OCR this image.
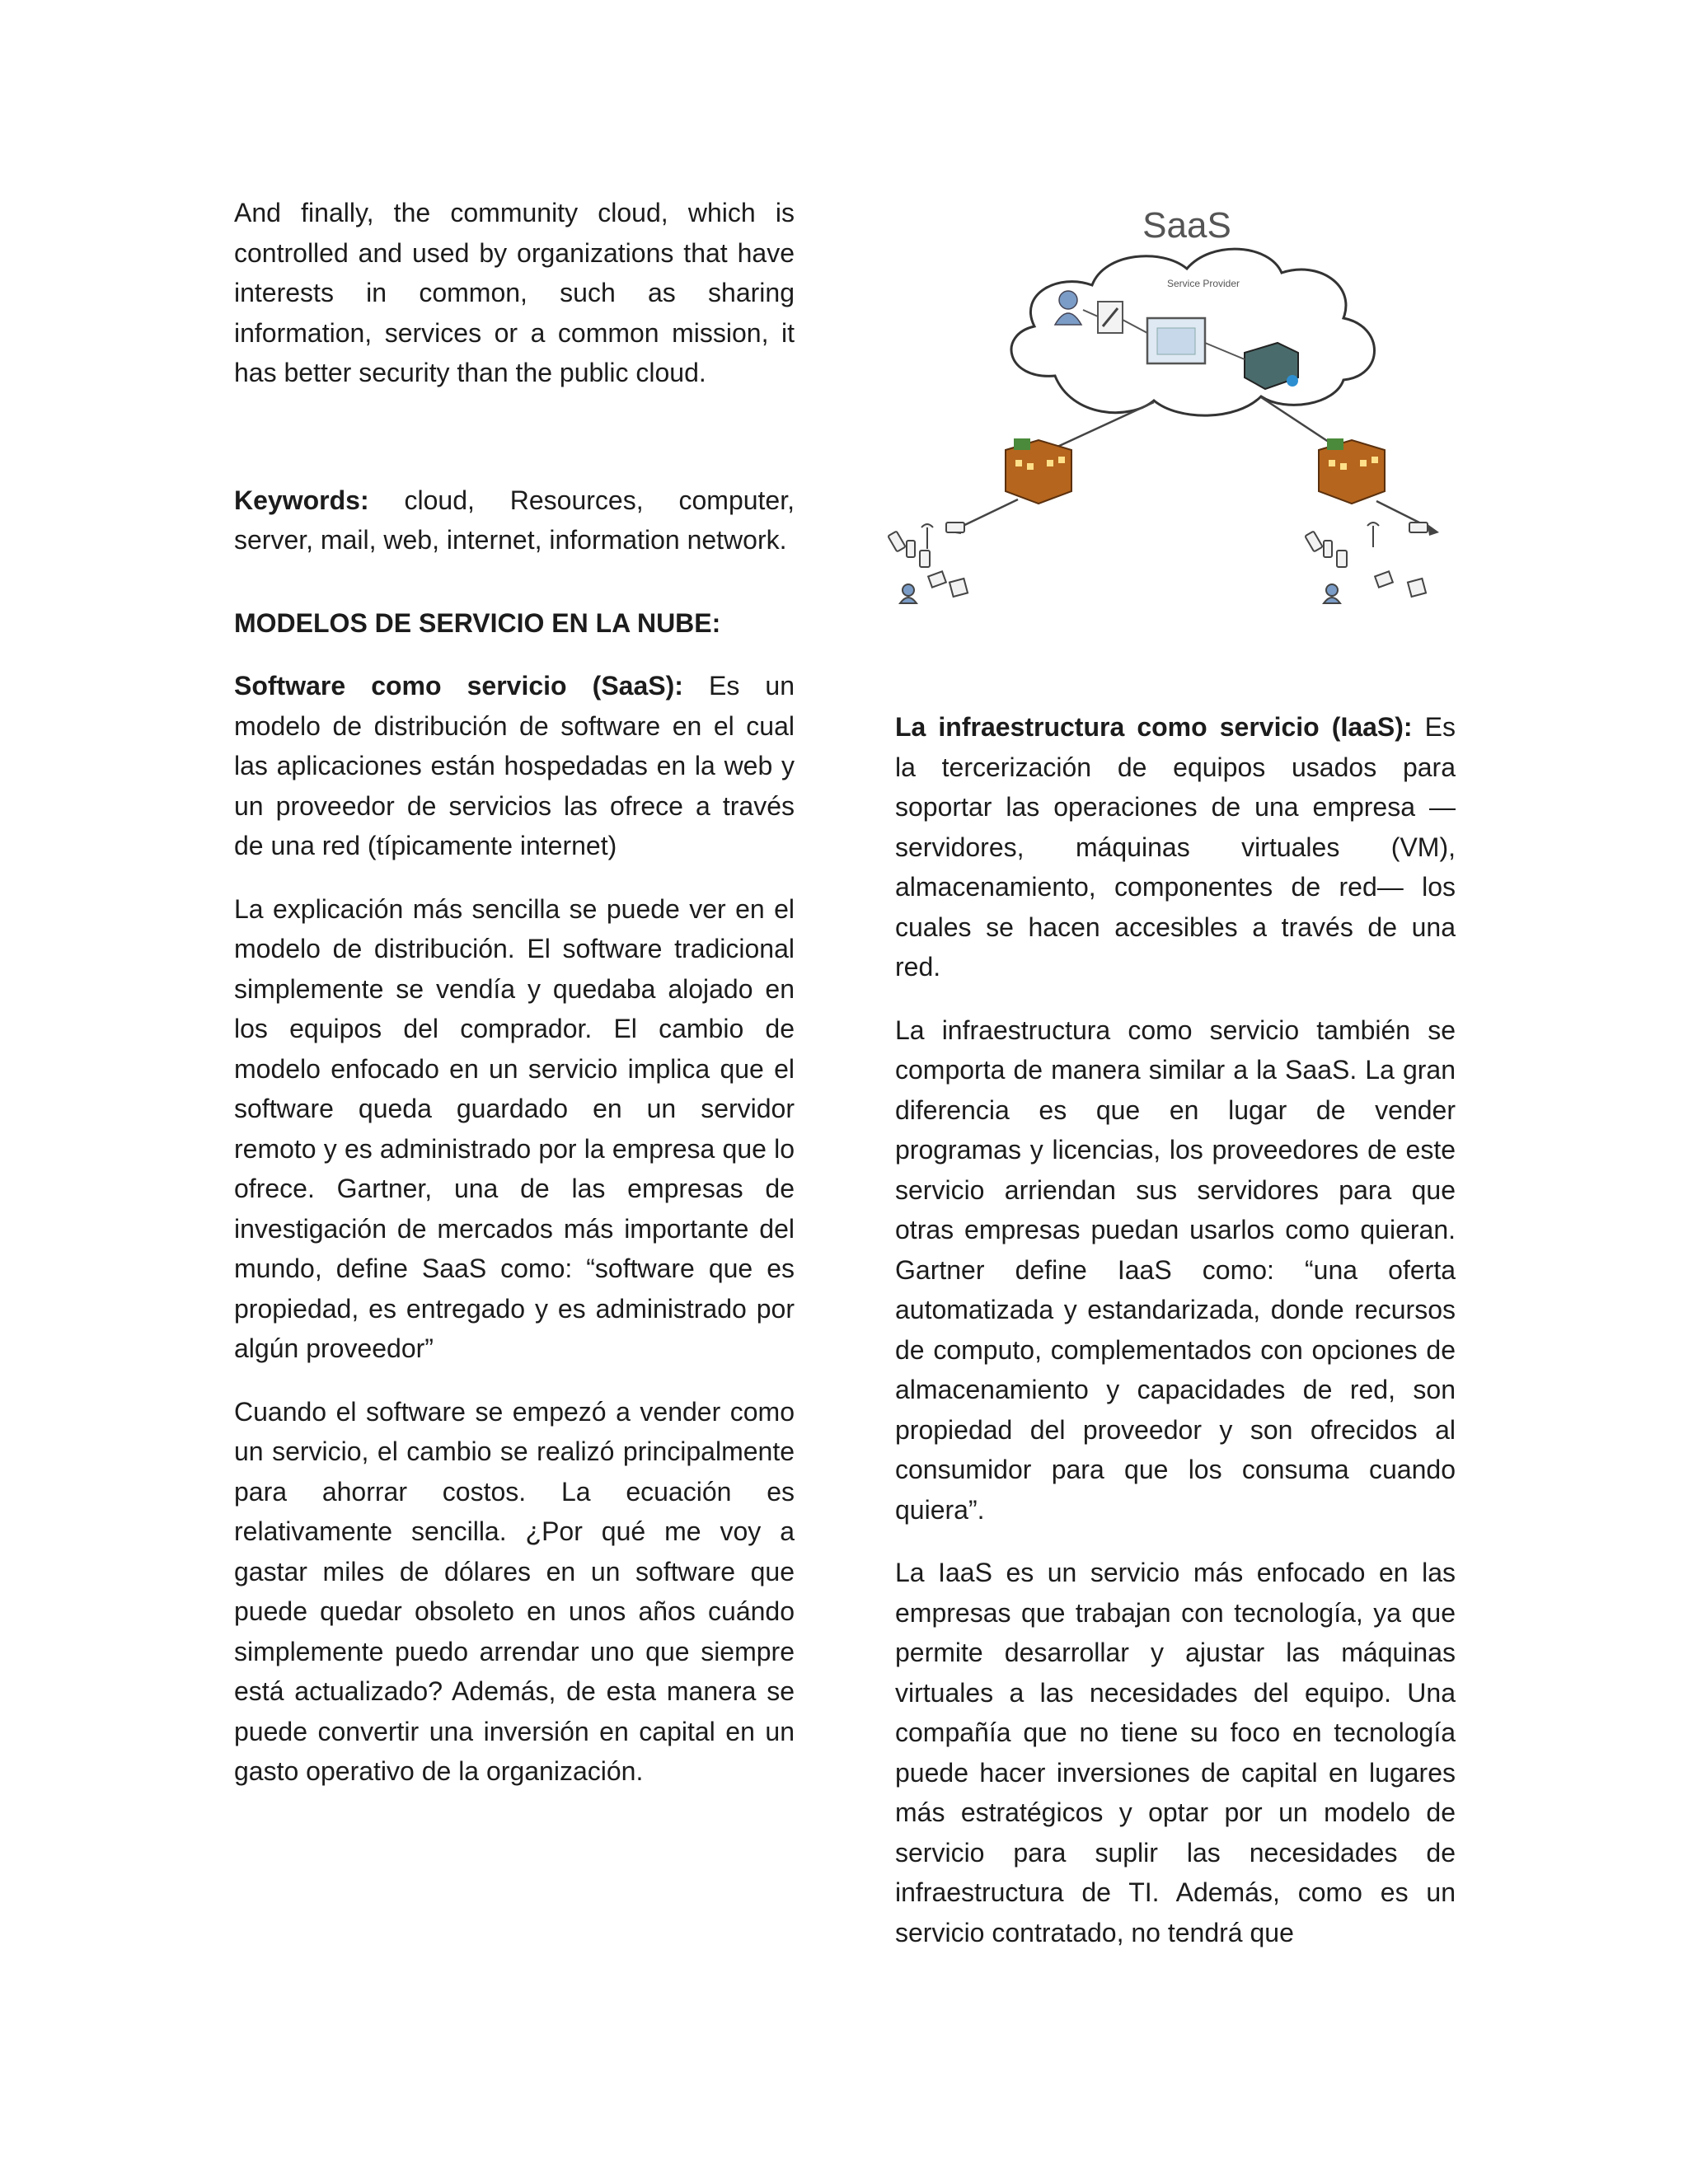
And finally, the community cloud, which is controlled and used by organizations that have interests in common, such as sharing information, services or a common mission, it has better security than the public cloud.

Keywords: cloud, Resources, computer, server, mail, web, internet, information network.

MODELOS DE SERVICIO EN LA NUBE:

Software como servicio (SaaS): Es un modelo de distribución de software en el cual las aplicaciones están hospedadas en la web y un proveedor de servicios las ofrece a través de una red (típicamente internet)

La explicación más sencilla se puede ver en el modelo de distribución. El software tradicional simplemente se vendía y quedaba alojado en los equipos del comprador. El cambio de modelo enfocado en un servicio implica que el software queda guardado en un servidor remoto y es administrado por la empresa que lo ofrece. Gartner, una de las empresas de investigación de mercados más importante del mundo, define SaaS como: “software que es propiedad, es entregado y es administrado por algún proveedor”

Cuando el software se empezó a vender como un servicio, el cambio se realizó principalmente para ahorrar costos. La ecuación es relativamente sencilla. ¿Por qué me voy a gastar miles de dólares en un software que puede quedar obsoleto en unos años cuándo simplemente puedo arrendar uno que siempre está actualizado? Además, de esta manera se puede convertir una inversión en capital en un gasto operativo de la organización.

SaaS
Service Provider

La infraestructura como servicio (IaaS): Es la tercerización de equipos usados para soportar las operaciones de una empresa — servidores, máquinas virtuales (VM), almacenamiento, componentes de red— los cuales se hacen accesibles a través de una red.

La infraestructura como servicio también se comporta de manera similar a la SaaS. La gran diferencia es que en lugar de vender programas y licencias, los proveedores de este servicio arriendan sus servidores para que otras empresas puedan usarlos como quieran. Gartner define IaaS como: “una oferta automatizada y estandarizada, donde recursos de computo, complementados con opciones de almacenamiento y capacidades de red, son propiedad del proveedor y son ofrecidos al consumidor para que los consuma cuando quiera”.

La IaaS es un servicio más enfocado en las empresas que trabajan con tecnología, ya que permite desarrollar y ajustar las máquinas virtuales a las necesidades del equipo. Una compañía que no tiene su foco en tecnología puede hacer inversiones de capital en lugares más estratégicos y optar por un modelo de servicio para suplir las necesidades de infraestructura de TI. Además, como es un servicio contratado, no tendrá que
